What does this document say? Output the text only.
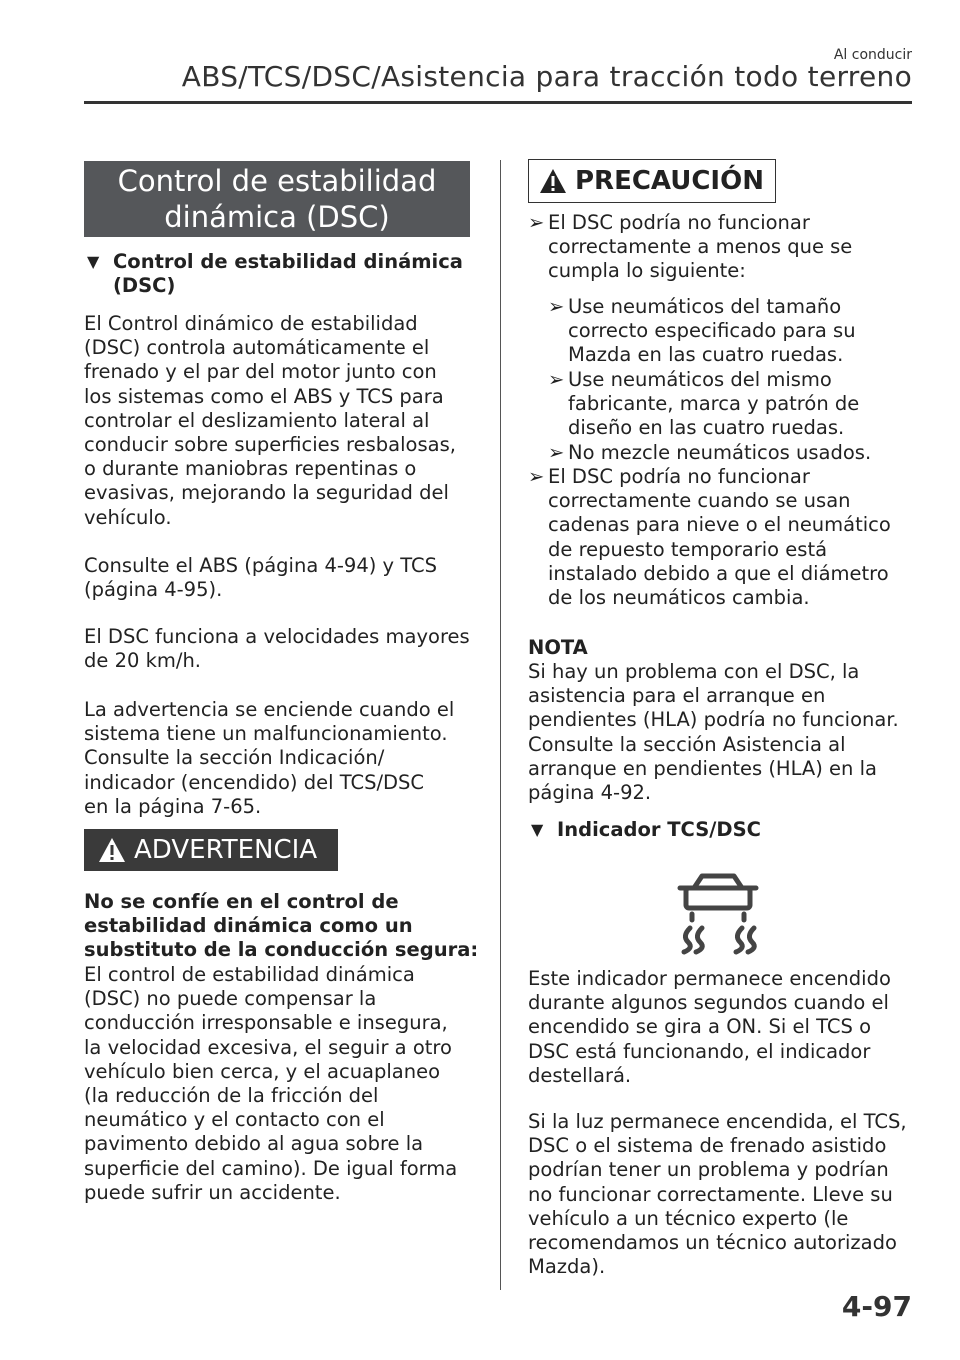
Al conducir
ABS/TCS/DSC/Asistencia para tracción todo terreno
Control de estabilidad
dinámica (DSC)
▼ Control de estabilidad dinámica
(DSC)
El Control dinámico de estabilidad
(DSC) controla automáticamente el
frenado y el par del motor junto con
los sistemas como el ABS y TCS para
controlar el deslizamiento lateral al
conducir sobre superficies resbalosas,
o durante maniobras repentinas o
evasivas, mejorando la seguridad del
vehículo.
Consulte el ABS (página 4-94) y TCS
(página 4-95).
El DSC funciona a velocidades mayores
de 20 km/h.
La advertencia se enciende cuando el
sistema tiene un malfuncionamiento.
Consulte la sección Indicación/
indicador (encendido) del TCS/DSC
en la página 7-65.
ADVERTENCIA
No se confíe en el control de
estabilidad dinámica como un
substituto de la conducción segura:
El control de estabilidad dinámica
(DSC) no puede compensar la
conducción irresponsable e insegura,
la velocidad excesiva, el seguir a otro
vehículo bien cerca, y el acuaplaneo
(la reducción de la fricción del
neumático y el contacto con el
pavimento debido al agua sobre la
superficie del camino). De igual forma
puede sufrir un accidente.
PRECAUCIÓN
➢ El DSC podría no funcionar
correctamente a menos que se
cumpla lo siguiente:
➢ Use neumáticos del tamaño
correcto especificado para su
Mazda en las cuatro ruedas.
➢ Use neumáticos del mismo
fabricante, marca y patrón de
diseño en las cuatro ruedas.
➢ No mezcle neumáticos usados.
➢ El DSC podría no funcionar
correctamente cuando se usan
cadenas para nieve o el neumático
de repuesto temporario está
instalado debido a que el diámetro
de los neumáticos cambia.
NOTA
Si hay un problema con el DSC, la
asistencia para el arranque en
pendientes (HLA) podría no funcionar.
Consulte la sección Asistencia al
arranque en pendientes (HLA) en la
página 4-92.
▼ Indicador TCS/DSC
Este indicador permanece encendido
durante algunos segundos cuando el
encendido se gira a ON. Si el TCS o
DSC está funcionando, el indicador
destellará.
Si la luz permanece encendida, el TCS,
DSC o el sistema de frenado asistido
podrían tener un problema y podrían
no funcionar correctamente. Lleve su
vehículo a un técnico experto (le
recomendamos un técnico autorizado
Mazda).
4-97
